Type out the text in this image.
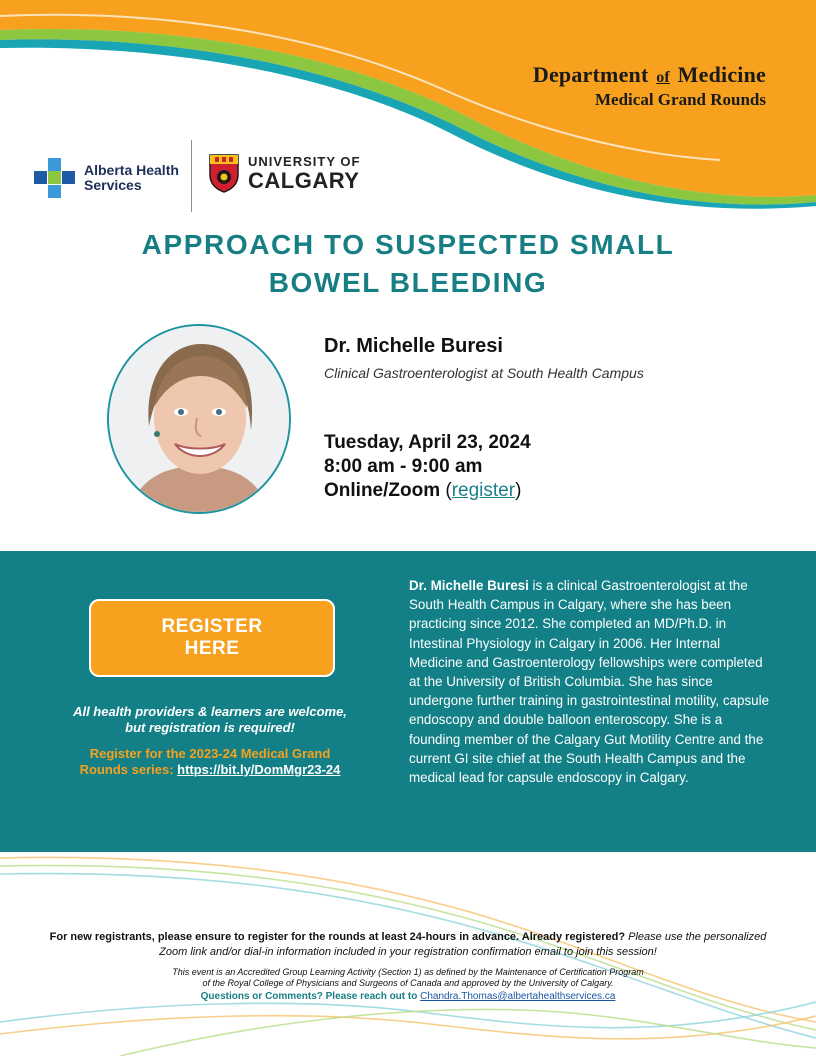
Department of Medicine
Medical Grand Rounds
Alberta Health
Services
UNIVERSITY OF
CALGARY
APPROACH TO SUSPECTED SMALL
BOWEL BLEEDING
Dr. Michelle Buresi
Clinical Gastroenterologist at South Health Campus
Tuesday, April 23, 2024
8:00 am - 9:00 am
Online/Zoom (register)
REGISTER
HERE
All health providers & learners are welcome,
but registration is required!
Register for the 2023-24 Medical Grand
Rounds series: https://bit.ly/DomMgr23-24
Dr. Michelle Buresi is a clinical Gastroenterologist at the South Health Campus in Calgary, where she has been practicing since 2012. She completed an MD/Ph.D. in Intestinal Physiology in Calgary in 2006. Her Internal Medicine and Gastroenterology fellowships were completed at the University of British Columbia. She has since undergone further training in gastrointestinal motility, capsule endoscopy and double balloon enteroscopy. She is a founding member of the Calgary Gut Motility Centre and the current GI site chief at the South Health Campus and the medical lead for capsule endoscopy in Calgary.
For new registrants, please ensure to register for the rounds at least 24-hours in advance. Already registered? Please use the personalized Zoom link and/or dial-in information included in your registration confirmation email to join this session!
This event is an Accredited Group Learning Activity (Section 1) as defined by the Maintenance of Certification Program
of the Royal College of Physicians and Surgeons of Canada and approved by the University of Calgary.
Questions or Comments? Please reach out to Chandra.Thomas@albertahealthservices.ca
